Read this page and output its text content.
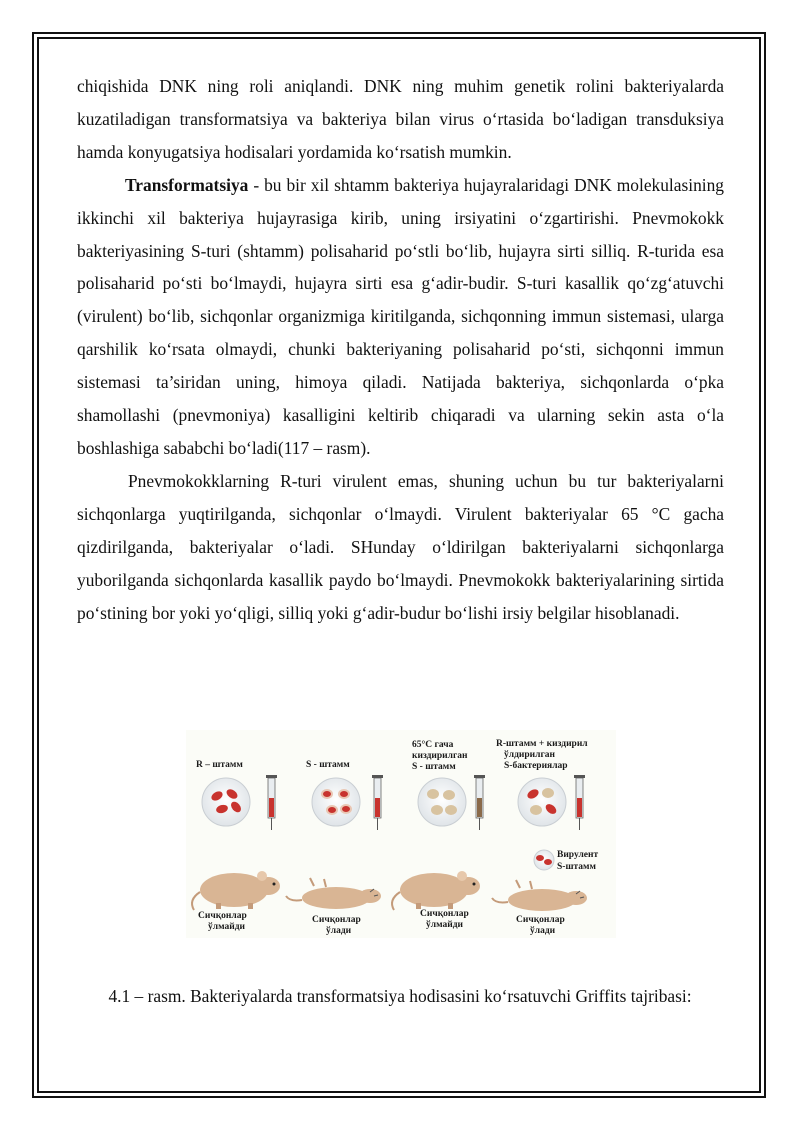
chiqishida DNK ning roli aniqlandi. DNK ning muhim genetik rolini bakteriyalarda kuzatiladigan transformatsiya va bakteriya bilan virus o‘rtasida bo‘ladigan transduksiya hamda konyugatsiya hodisalari yordamida ko‘rsatish mumkin.

Transformatsiya - bu bir xil shtamm bakteriya hujayralaridagi DNK molekulasining ikkinchi xil bakteriya hujayrasiga kirib, uning irsiyatini o‘zgartirishi. Pnevmokokk bakteriyasining S-turi (shtamm) polisaharid po‘stli bo‘lib, hujayra sirti silliq. R-turida esa polisaharid po‘sti bo‘lmaydi, hujayra sirti esa g‘adir-budir. S-turi kasallik qo‘zg‘atuvchi (virulent) bo‘lib, sichqonlar organizmiga kiritilganda, sichqonning immun sistemasi, ularga qarshilik ko‘rsata olmaydi, chunki bakteriyaning polisaharid po‘sti, sichqonni immun sistemasi ta’siridan uning, himoya qiladi. Natijada bakteriya, sichqonlarda o‘pka shamollashi (pnevmoniya) kasalligini keltirib chiqaradi va ularning sekin asta o‘la boshlashiga sababchi bo‘ladi(117 – rasm).

Pnevmokokklarning R-turi virulent emas, shuning uchun bu tur bakteriyalarni sichqonlarga yuqtirilganda, sichqonlar o‘lmaydi. Virulent bakteriyalar 65 °C gacha qizdirilganda, bakteriyalar o‘ladi. SHunday o‘ldirilgan bakteriyalarni sichqonlarga yuborilganda sichqonlarda kasallik paydo bo‘lmaydi. Pnevmokokk bakteriyalarining sirtida po‘stining bor yoki yo‘qligi, silliq yoki g‘adir-budur bo‘lishi irsiy belgilar hisoblanadi.

R – штамм	S - штамм
65°C гача
киздирилган
S - штамм
R-штамм + киздирил
ўлдирилган
S-бактериялар
Вирулент
S-штамм
Сичқонлар
ўлмайди
Сичқонлар
ўлади
Сичқонлар
ўлмайди	Сичқонлар
ўлади
4.1 – rasm. Bakteriyalarda transformatsiya hodisasini ko‘rsatuvchi Griffits tajribasi:
